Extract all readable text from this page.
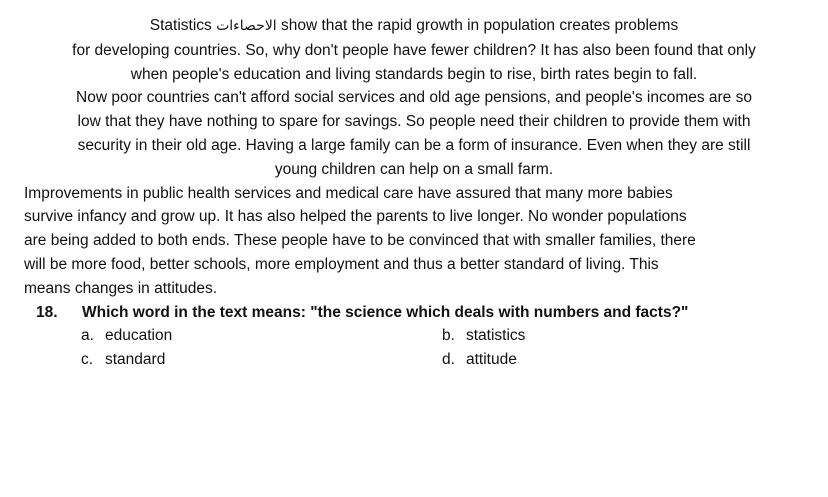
Statistics الاحصاءات show that the rapid growth in population creates problems
for developing countries. So, why don't people have fewer children? It has also been found that only
when people's education and living standards begin to rise, birth rates begin to fall.
Now poor countries can't afford social services and old age pensions, and people's incomes are so
low that they have nothing to spare for savings. So people need their children to provide them with
security in their old age. Having a large family can be a form of insurance. Even when they are still
young children can help on a small farm.
Improvements in public health services and medical care have assured that many more babies
survive infancy and grow up. It has also helped the parents to live longer. No wonder populations
are being added to both ends. These people have to be convinced that with smaller families, there
will be more food, better schools, more employment and thus a better standard of living. This
means changes in attitudes.
18. Which word in the text means: "the science which deals with numbers and facts?"
a. education	b. statistics
c. standard	d. attitude
